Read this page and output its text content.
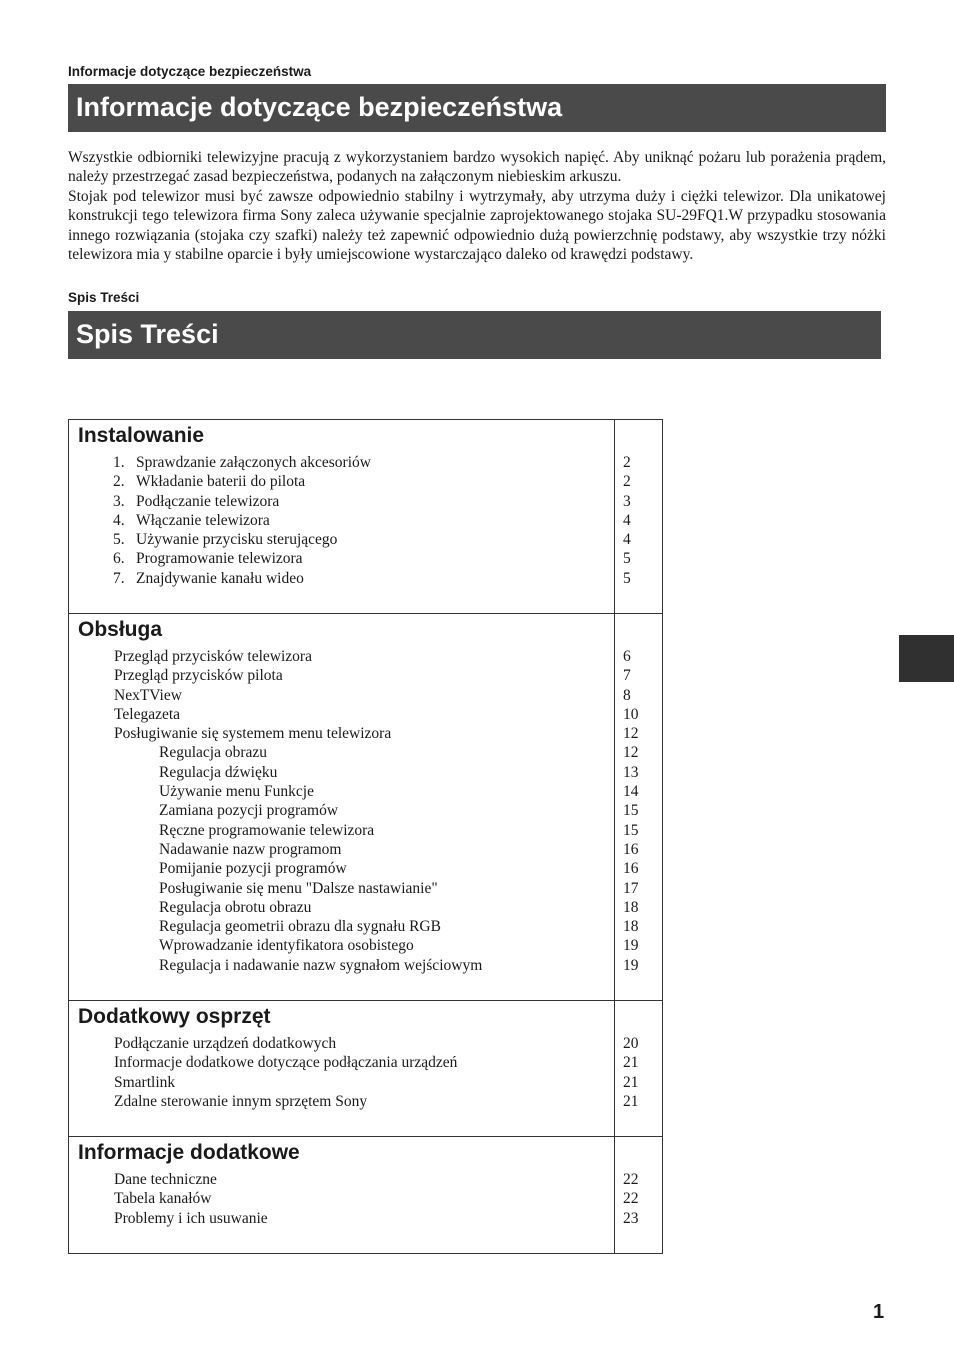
Informacje dotyczące bezpieczeństwa
Informacje dotyczące bezpieczeństwa

Wszystkie odbiorniki telewizyjne pracują z wykorzystaniem bardzo wysokich napięć. Aby uniknąć pożaru lub porażenia prądem, należy przestrzegać zasad bezpieczeństwa, podanych na załączonym niebieskim arkuszu.

Stojak pod telewizor musi być zawsze odpowiednio stabilny i wytrzymały, aby utrzyma duży i ciężki telewizor. Dla unikatowej konstrukcji tego telewizora firma Sony zaleca używanie specjalnie zaprojektowanego stojaka SU-29FQ1.W przypadku stosowania innego rozwiązania (stojaka czy szafki) należy też zapewnić odpowiednio dużą powierzchnię podstawy, aby wszystkie trzy nóżki telewizora mia y stabilne oparcie i były umiejscowione wystarczająco daleko od krawędzi podstawy.

Spis Treści
Spis Treści
Instalowanie
1. Sprawdzanie załączonych akcesoriów	2
2. Wkładanie baterii do pilota	2
3. Podłączanie telewizora	3
4. Włączanie telewizora	4
5. Używanie przycisku sterującego	4
6. Programowanie telewizora	5
7. Znajdywanie kanału wideo	5
Obsługa
Przegląd przycisków telewizora	6
Przegląd przycisków pilota	7
NexTView	8
Telegazeta	10
Posługiwanie się systemem menu telewizora	12
Regulacja obrazu	12
Regulacja dźwięku	13
Używanie menu Funkcje	14
Zamiana pozycji programów	15
Ręczne programowanie telewizora	15
Nadawanie nazw programom	16
Pomijanie pozycji programów	16
Posługiwanie się menu "Dalsze nastawianie"	17
Regulacja obrotu obrazu	18
Regulacja geometrii obrazu dla sygnału RGB	18
Wprowadzanie identyfikatora osobistego	19
Regulacja i nadawanie nazw sygnałom wejściowym	19
Dodatkowy osprzęt
Podłączanie urządzeń dodatkowych	20
Informacje dodatkowe dotyczące podłączania urządzeń	21
Smartlink	21
Zdalne sterowanie innym sprzętem Sony	21
Informacje dodatkowe
Dane techniczne	22
Tabela kanałów	22
Problemy i ich usuwanie	23
1
